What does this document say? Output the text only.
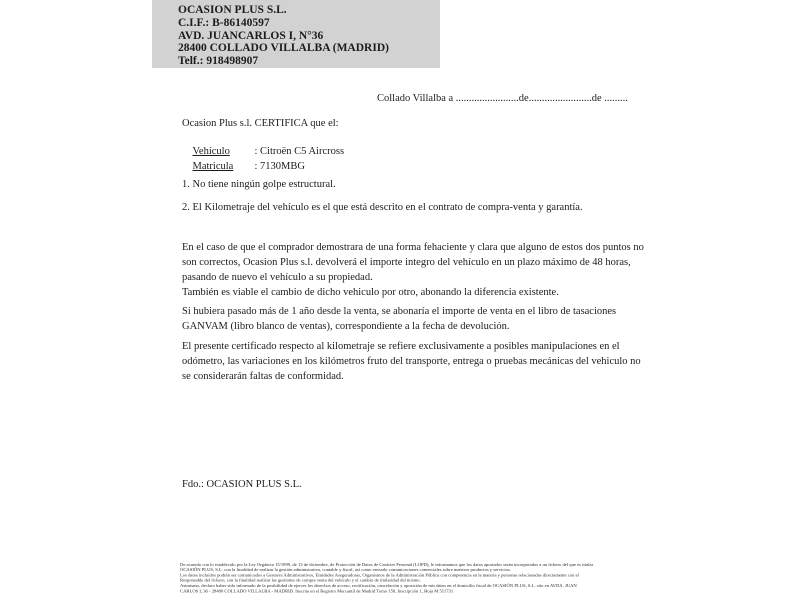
OCASION PLUS S.L.
C.I.F.: B-86140597
AVD. JUANCARLOS I, N°36
28400 COLLADO VILLALBA (MADRID)
Telf.: 918498907
Collado Villalba a ........................de........................de .........
Ocasion Plus s.l. CERTIFICA que el:

Vehículo : Citroën C5 Aircross

Matricula : 7130MBG

1. No tiene ningún golpe estructural.
2. El Kilometraje del vehículo es el que está descrito en el contrato de compra-venta y garantía.
En el caso de que el comprador demostrara de una forma fehaciente y clara que alguno de estos dos puntos no
son correctos, Ocasion Plus s.l. devolverá el importe integro del vehículo en un plazo máximo de 48 horas,
pasando de nuevo el vehículo a su propiedad.
También es viable el cambio de dicho vehiculo por otro, abonando la diferencia existente.
Si hubiera pasado más de 1 año desde la venta, se abonaría el importe de venta en el libro de tasaciones
GANVAM (libro blanco de ventas), correspondiente a la fecha de devolución.
El presente certificado respecto al kilometraje se refiere exclusivamente a posibles manipulaciones en el
odómetro, las variaciones en los kilómetros fruto del transporte, entrega o pruebas mecánicas del vehiculo no
se considerarán faltas de conformidad.
Fdo.: OCASION PLUS S.L.
De acuerdo con lo establecido por la Ley Orgánica 15/1999, de 13 de diciembre, de Protección de Datos de Carácter Personal (LOPD), le informamos que los datos aportados serán incorporados a un fichero del que es titular
OCASIÓN PLUS, S.L. con la finalidad de realizar la gestión administrativa, contable y fiscal, así como enviarle comunicaciones comerciales sobre nuestros productos y servicios.
Los datos incluidos podrán ser comunicados a Gestores Administrativos, Entidades Aseguradoras, Organismos de la Administración Pública con competencia en la materia y personas relacionadas directamente con el
Responsable del fichero, con la finalidad realizar las gestiones de compra venta del vehículo y el cambio de titularidad del mismo.
Asimismo, declaro haber sido informado de la posibilidad de ejercer los derechos de acceso, rectificación, cancelación y oposición de mis datos en el domicilio fiscal de OCASIÓN PLUS, S.L. sito en AVDA. JUAN
CARLOS I, 36 - 28400 COLLADO VILLALBA - MADRID. Inscrita en el Registro Mercantil de Madrid Tomo 150, Inscripción 1, Hoja M 511731
